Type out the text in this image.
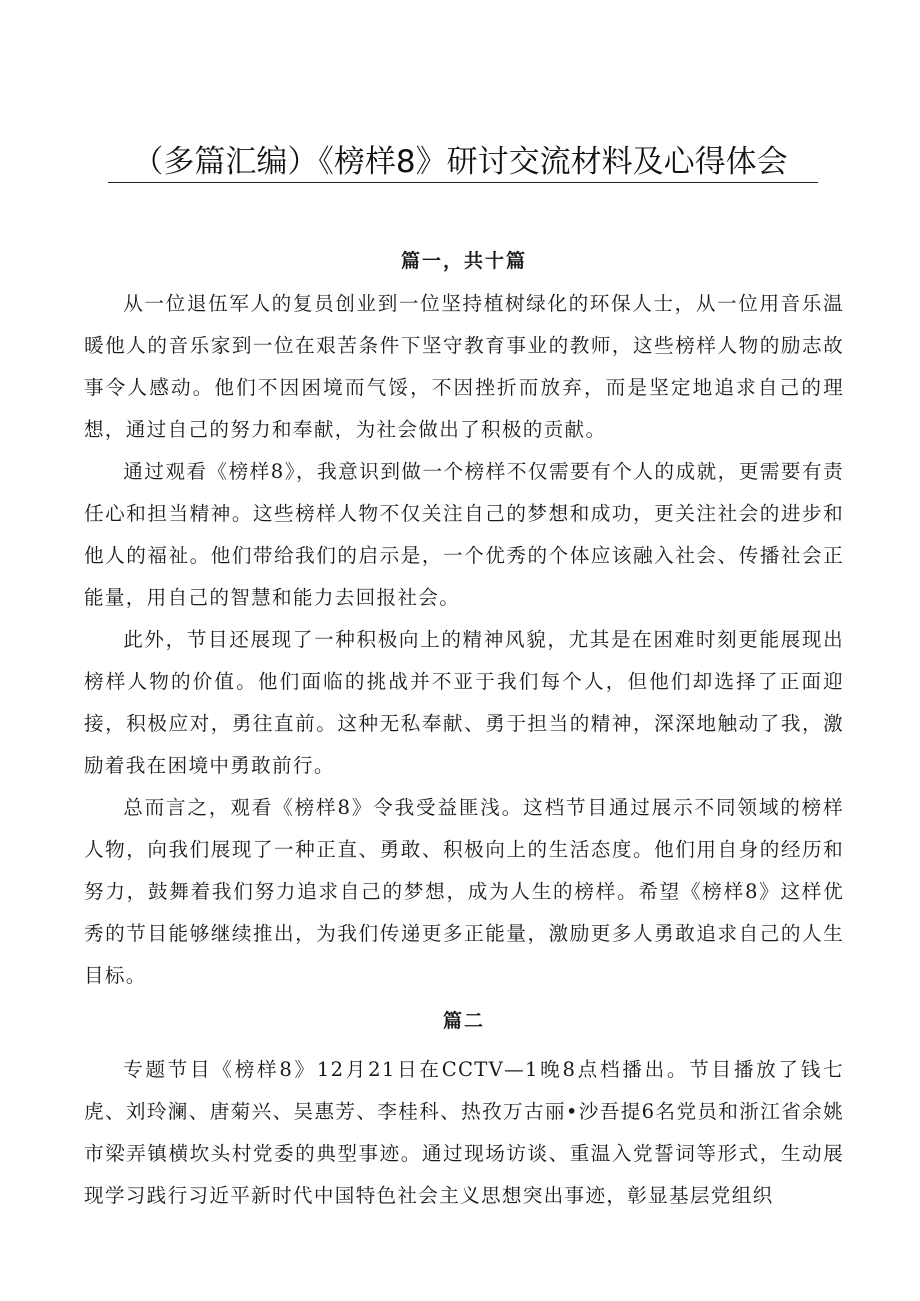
（多篇汇编）《榜样8》研讨交流材料及心得体会
篇一，共十篇

从一位退伍军人的复员创业到一位坚持植树绿化的环保人士，从一位用音乐温暖他人的音乐家到一位在艰苦条件下坚守教育事业的教师，这些榜样人物的励志故事令人感动。他们不因困境而气馁，不因挫折而放弃，而是坚定地追求自己的理想，通过自己的努力和奉献，为社会做出了积极的贡献。

通过观看《榜样8》，我意识到做一个榜样不仅需要有个人的成就，更需要有责任心和担当精神。这些榜样人物不仅关注自己的梦想和成功，更关注社会的进步和他人的福祉。他们带给我们的启示是，一个优秀的个体应该融入社会、传播社会正能量，用自己的智慧和能力去回报社会。

此外，节目还展现了一种积极向上的精神风貌，尤其是在困难时刻更能展现出榜样人物的价值。他们面临的挑战并不亚于我们每个人，但他们却选择了正面迎接，积极应对，勇往直前。这种无私奉献、勇于担当的精神，深深地触动了我，激励着我在困境中勇敢前行。

总而言之，观看《榜样8》令我受益匪浅。这档节目通过展示不同领域的榜样人物，向我们展现了一种正直、勇敢、积极向上的生活态度。他们用自身的经历和努力，鼓舞着我们努力追求自己的梦想，成为人生的榜样。希望《榜样8》这样优秀的节目能够继续推出，为我们传递更多正能量，激励更多人勇敢追求自己的人生目标。

篇二

专题节目《榜样8》12月21日在CCTV—1晚8点档播出。节目播放了钱七虎、刘玲澜、唐菊兴、吴惠芳、李桂科、热孜万古丽•沙吾提6名党员和浙江省余姚市梁弄镇横坎头村党委的典型事迹。通过现场访谈、重温入党誓词等形式，生动展现学习践行习近平新时代中国特色社会主义思想突出事迹，彰显基层党组织
